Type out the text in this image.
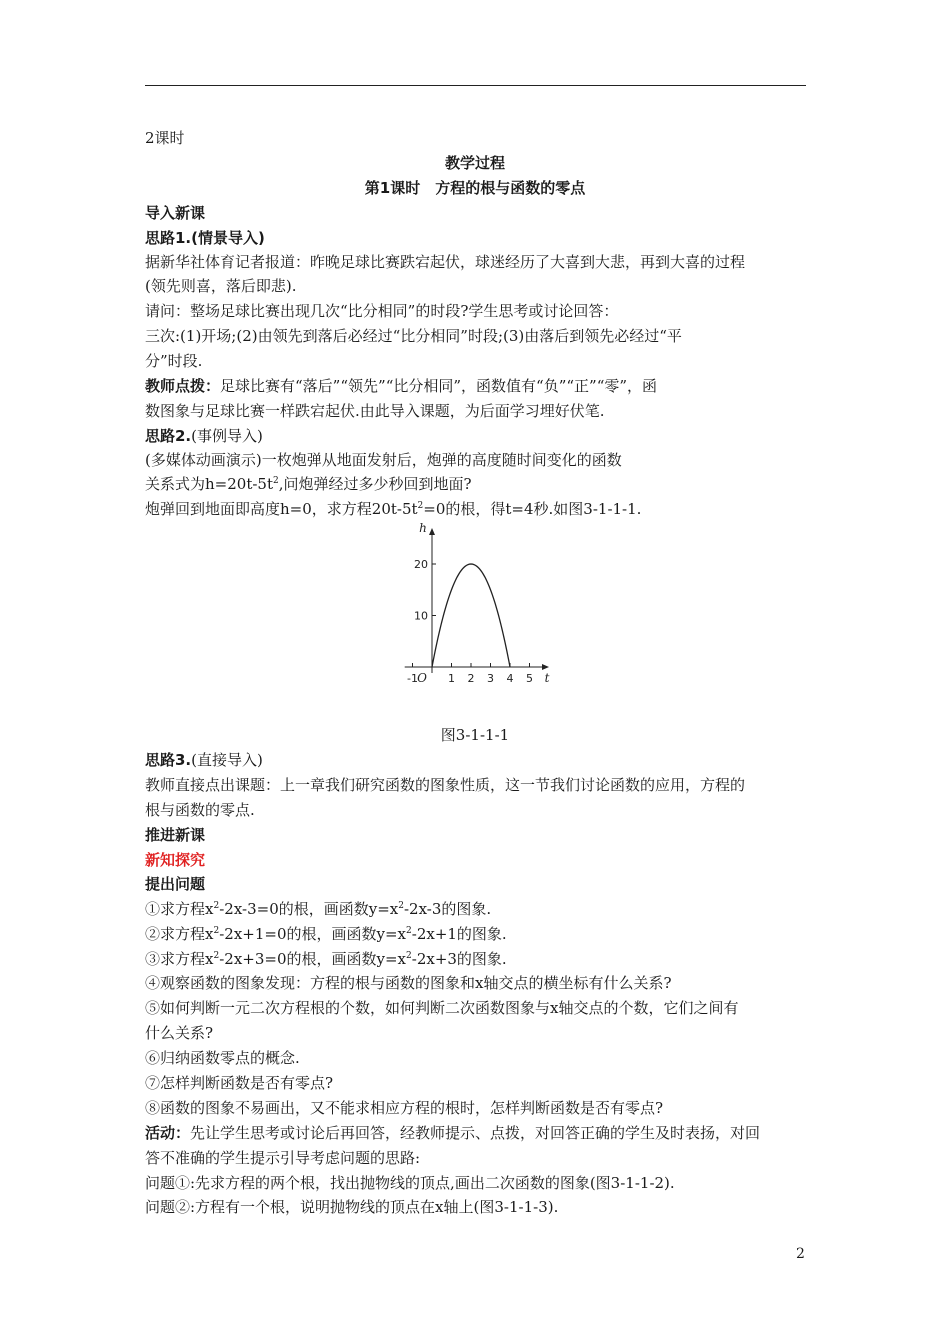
2课时
教学过程
第1课时　方程的根与函数的零点
导入新课
思路1.(情景导入)
据新华社体育记者报道：昨晚足球比赛跌宕起伏，球迷经历了大喜到大悲，再到大喜的过程
(领先则喜，落后即悲).
请问：整场足球比赛出现几次“比分相同”的时段?学生思考或讨论回答：
三次:(1)开场;(2)由领先到落后必经过“比分相同”时段;(3)由落后到领先必经过“平
分”时段.
教师点拨：足球比赛有“落后”“领先”“比分相同”，函数值有“负”“正”“零”，函
数图象与足球比赛一样跌宕起伏.由此导入课题，为后面学习埋好伏笔.
思路2.(事例导入)
(多媒体动画演示)一枚炮弹从地面发射后，炮弹的高度随时间变化的函数
关系式为$h=20t-5t^2$,问炮弹经过多少秒回到地面?
炮弹回到地面即高度h=0，求方程$20t-5t^2=0$的根，得t=4秒.如图3-1-1-1.
-1	1 2 3 4 5
10
20
O	t
h
图3-1-1-1
思路3.(直接导入)
教师直接点出课题：上一章我们研究函数的图象性质，这一节我们讨论函数的应用，方程的
根与函数的零点.
推进新课
新知探究
提出问题
①求方程$x^2-2x-3=0$的根，画函数$y=x^2-2x-3$的图象.
②求方程$x^2-2x+1=0$的根，画函数$y=x^2-2x+1$的图象.
③求方程$x^2-2x+3=0$的根，画函数$y=x^2-2x+3$的图象.
④观察函数的图象发现：方程的根与函数的图象和x轴交点的横坐标有什么关系?
⑤如何判断一元二次方程根的个数，如何判断二次函数图象与x轴交点的个数，它们之间有
什么关系?
⑥归纳函数零点的概念.
⑦怎样判断函数是否有零点?
⑧函数的图象不易画出，又不能求相应方程的根时，怎样判断函数是否有零点?
活动：先让学生思考或讨论后再回答，经教师提示、点拨，对回答正确的学生及时表扬，对回
答不准确的学生提示引导考虑问题的思路:
问题①:先求方程的两个根，找出抛物线的顶点,画出二次函数的图象(图3-1-1-2).
问题②:方程有一个根，说明抛物线的顶点在x轴上(图3-1-1-3).
2
